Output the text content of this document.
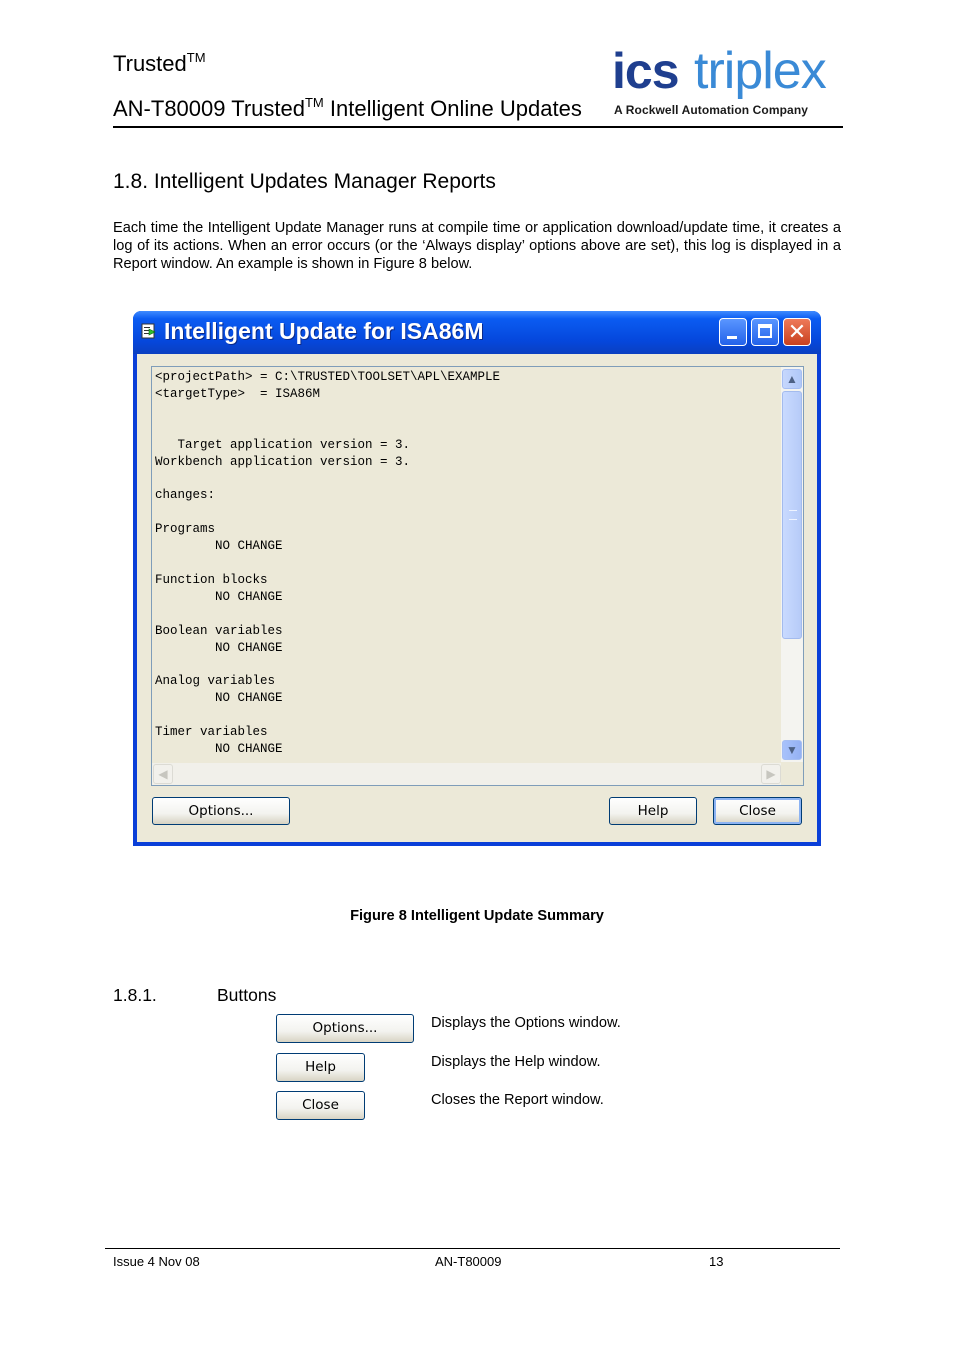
Trusted™
AN-T80009 Trusted™ Intelligent Online Updates
ics triplex
A Rockwell Automation Company
1.8. Intelligent Updates Manager Reports
Each time the Intelligent Update Manager runs at compile time or application download/update time, it creates a log of its actions. When an error occurs (or the ‘Always display’ options above are set), this log is displayed in a Report window. An example is shown in Figure 8 below.
Intelligent Update for ISA86M	✕
<projectPath> = C:\TRUSTED\TOOLSET\APL\EXAMPLE
<targetType>  = ISA86M

Target application version = 3.
Workbench application version = 3.

changes:

Programs
NO CHANGE

Function blocks
NO CHANGE

Boolean variables
NO CHANGE

Analog variables
NO CHANGE

Timer variables
NO CHANGE
▲
▼
◀	▶
Options...	Help	Close
Figure 8 Intelligent Update Summary
1.8.1.	Buttons
Options...	Displays the Options window.
Help	Displays the Help window.
Close	Closes the Report window.
Issue 4 Nov 08	AN-T80009	13
